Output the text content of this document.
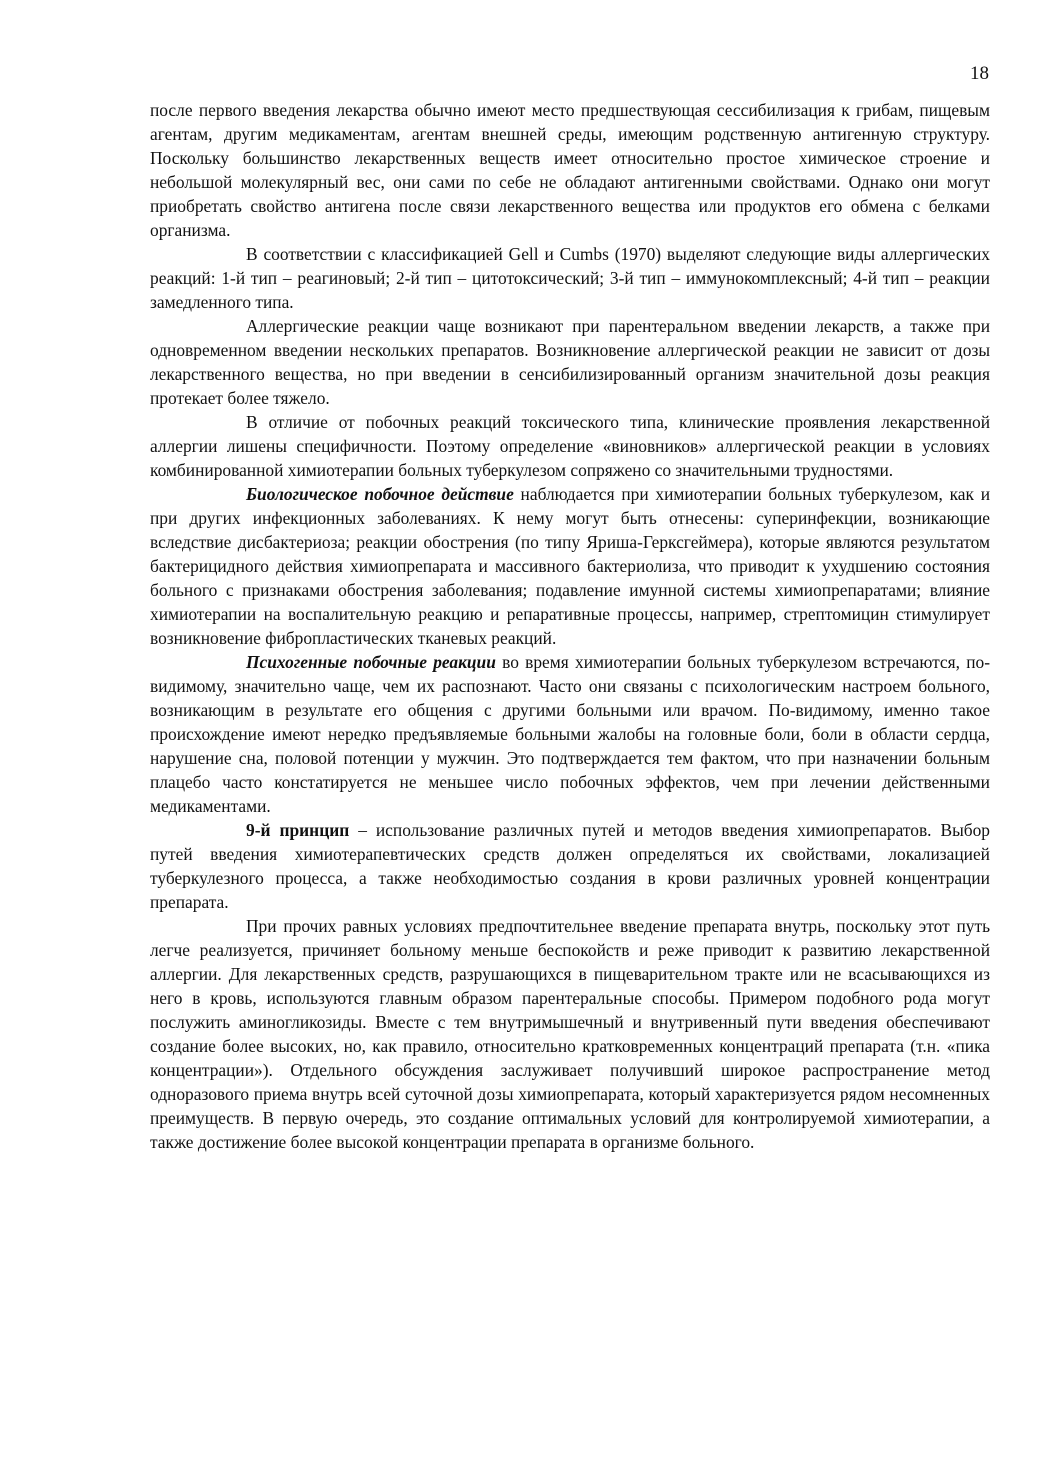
18

после первого введения лекарства обычно имеют место предшествующая сессибилизация к грибам, пищевым агентам, другим медикаментам, агентам внешней среды, имеющим родственную антигенную структуру. Поскольку большинство лекарственных веществ имеет относительно простое химическое строение и небольшой молекулярный вес, они сами по себе не обладают антигенными свойствами. Однако они могут приобретать свойство антигена после связи лекарственного вещества или продуктов его обмена с белками организма.

В соответствии с классификацией Gell и Cumbs (1970) выделяют следующие виды аллергических реакций: 1-й тип – реагиновый; 2-й тип – цитотоксический; 3-й тип – иммунокомплексный; 4-й тип – реакции замедленного типа.

Аллергические реакции чаще возникают при парентеральном введении лекарств, а также при одновременном введении нескольких препаратов. Возникновение аллергической реакции не зависит от дозы лекарственного вещества, но при введении в сенсибилизированный организм значительной дозы реакция протекает более тяжело.

В отличие от побочных реакций токсического типа, клинические проявления лекарственной аллергии лишены специфичности. Поэтому определение «виновников» аллергической реакции в условиях комбинированной химиотерапии больных туберкулезом сопряжено со значительными трудностями.

Биологическое побочное действие наблюдается при химиотерапии больных туберкулезом, как и при других инфекционных заболеваниях. К нему могут быть отнесены: суперинфекции, возникающие вследствие дисбактериоза; реакции обострения (по типу Яриша-Герксгеймера), которые являются результатом бактерицидного действия химиопрепарата и массивного бактериолиза, что приводит к ухудшению состояния больного с признаками обострения заболевания; подавление имунной системы химиопрепаратами; влияние химиотерапии на воспалительную реакцию и репаративные процессы, например, стрептомицин стимулирует возникновение фибропластических тканевых реакций.

Психогенные побочные реакции во время химиотерапии больных туберкулезом встречаются, по-видимому, значительно чаще, чем их распознают. Часто они связаны с психологическим настроем больного, возникающим в результате его общения с другими больными или врачом. По-видимому, именно такое происхождение имеют нередко предъявляемые больными жалобы на головные боли, боли в области сердца, нарушение сна, половой потенции у мужчин. Это подтверждается тем фактом, что при назначении больным плацебо часто констатируется не меньшее число побочных эффектов, чем при лечении действенными медикаментами.

9-й принцип – использование различных путей и методов введения химиопрепаратов. Выбор путей введения химиотерапевтических средств должен определяться их свойствами, локализацией туберкулезного процесса, а также необходимостью создания в крови различных уровней концентрации препарата.

При прочих равных условиях предпочтительнее введение препарата внутрь, поскольку этот путь легче реализуется, причиняет больному меньше беспокойств и реже приводит к развитию лекарственной аллергии. Для лекарственных средств, разрушающихся в пищеварительном тракте или не всасывающихся из него в кровь, используются главным образом парентеральные способы. Примером подобного рода могут послужить аминогликозиды. Вместе с тем внутримышечный и внутривенный пути введения обеспечивают создание более высоких, но, как правило, относительно кратковременных концентраций препарата (т.н. «пика концентрации»). Отдельного обсуждения заслуживает получивший широкое распространение метод одноразового приема внутрь всей суточной дозы химиопрепарата, который характеризуется рядом несомненных преимуществ. В первую очередь, это создание оптимальных условий для контролируемой химиотерапии, а также достижение более высокой концентрации препарата в организме больного.
